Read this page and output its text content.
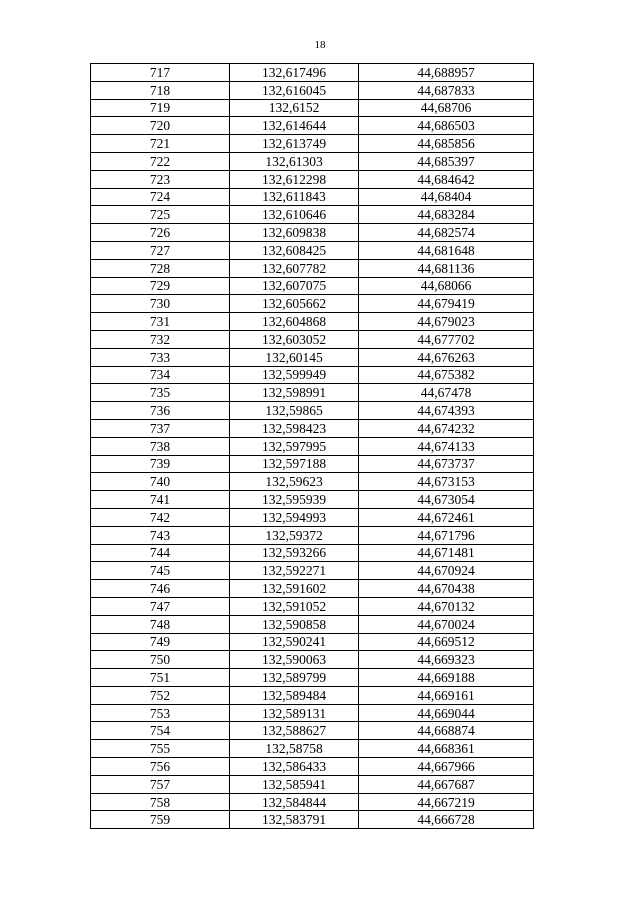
18
717	132,617496	44,688957
718	132,616045	44,687833
719	132,6152	44,68706
720	132,614644	44,686503
721	132,613749	44,685856
722	132,61303	44,685397
723	132,612298	44,684642
724	132,611843	44,68404
725	132,610646	44,683284
726	132,609838	44,682574
727	132,608425	44,681648
728	132,607782	44,681136
729	132,607075	44,68066
730	132,605662	44,679419
731	132,604868	44,679023
732	132,603052	44,677702
733	132,60145	44,676263
734	132,599949	44,675382
735	132,598991	44,67478
736	132,59865	44,674393
737	132,598423	44,674232
738	132,597995	44,674133
739	132,597188	44,673737
740	132,59623	44,673153
741	132,595939	44,673054
742	132,594993	44,672461
743	132,59372	44,671796
744	132,593266	44,671481
745	132,592271	44,670924
746	132,591602	44,670438
747	132,591052	44,670132
748	132,590858	44,670024
749	132,590241	44,669512
750	132,590063	44,669323
751	132,589799	44,669188
752	132,589484	44,669161
753	132,589131	44,669044
754	132,588627	44,668874
755	132,58758	44,668361
756	132,586433	44,667966
757	132,585941	44,667687
758	132,584844	44,667219
759	132,583791	44,666728
